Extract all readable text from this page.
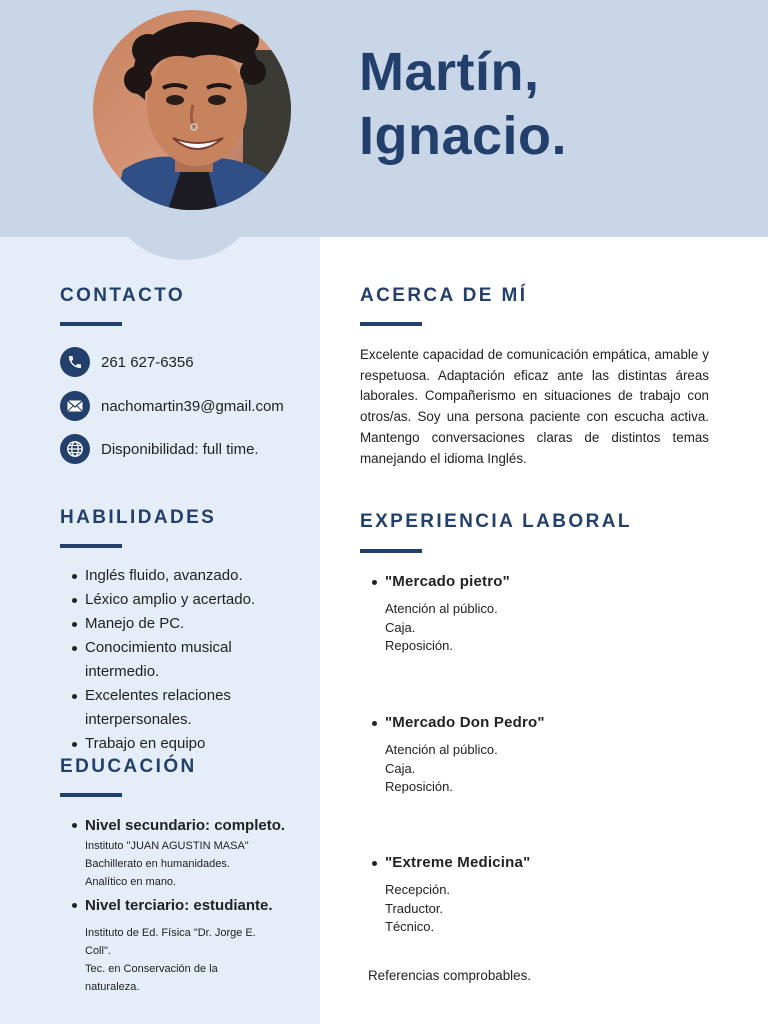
Martín,
Ignacio.
CONTACTO
261 627-6356
nachomartin39@gmail.com
Disponibilidad: full time.
HABILIDADES
Inglés fluido, avanzado.
Léxico amplio y acertado.
Manejo de PC.
Conocimiento musical intermedio.
Excelentes relaciones interpersonales.
Trabajo en equipo
EDUCACIÓN
Nivel secundario: completo.
Instituto "JUAN AGUSTIN MASA"
Bachillerato en humanidades.
Analítico en mano.
Nivel terciario: estudiante.
Instituto de Ed. Física "Dr. Jorge E. Coll".
Tec. en Conservación de la naturaleza.
ACERCA DE MÍ

Excelente capacidad de comunicación empática, amable y respetuosa. Adaptación eficaz ante las distintas áreas laborales. Compañerismo en situaciones de trabajo con otros/as. Soy una persona paciente con escucha activa. Mantengo conversaciones claras de distintos temas manejando el idioma Inglés.

EXPERIENCIA LABORAL
"Mercado pietro"
Atención al público.
Caja.
Reposición.
"Mercado Don Pedro"
Atención al público.
Caja.
Reposición.
"Extreme Medicina"
Recepción.
Traductor.
Técnico.

Referencias comprobables.
